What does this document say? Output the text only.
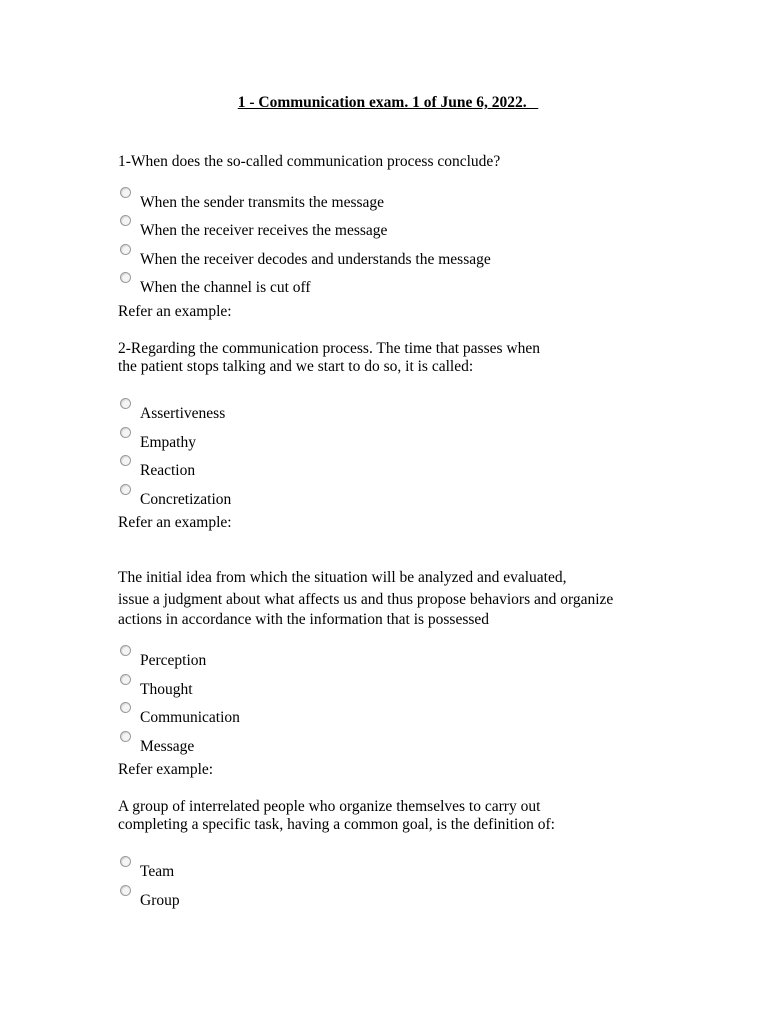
1 - Communication exam. 1 of June 6, 2022.
1-When does the so-called communication process conclude?
When the sender transmits the message
When the receiver receives the message
When the receiver decodes and understands the message
When the channel is cut off
Refer an example:
2-Regarding the communication process. The time that passes when
the patient stops talking and we start to do so, it is called:
Assertiveness
Empathy
Reaction
Concretization
Refer an example:
The initial idea from which the situation will be analyzed and evaluated,
issue a judgment about what affects us and thus propose behaviors and organize
actions in accordance with the information that is possessed
Perception
Thought
Communication
Message
Refer example:
A group of interrelated people who organize themselves to carry out
completing a specific task, having a common goal, is the definition of:
Team
Group
